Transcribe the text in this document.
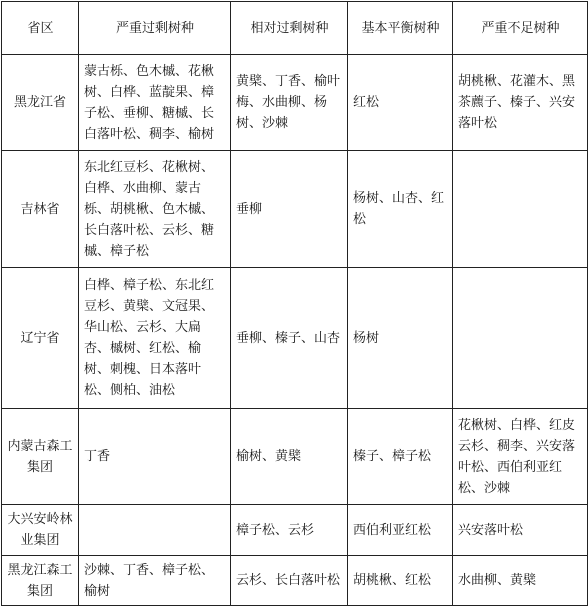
省区	严重过剩树种	相对过剩树种	基本平衡树种	严重不足树种
黑龙江省	蒙古栎、色木槭、花楸树、白桦、蓝靛果、樟子松、垂柳、糖槭、长白落叶松、稠李、榆树	黄檗、丁香、榆叶梅、水曲柳、杨树、沙棘	红松	胡桃楸、花灌木、黑茶藨子、榛子、兴安落叶松
吉林省	东北红豆杉、花楸树、白桦、水曲柳、蒙古栎、胡桃楸、色木槭、长白落叶松、云杉、糖槭、樟子松	垂柳	杨树、山杏、红松	
辽宁省	白桦、樟子松、东北红豆杉、黄檗、文冠果、华山松、云杉、大扁杏、槭树、红松、榆树、刺槐、日本落叶松、侧柏、油松	垂柳、榛子、山杏	杨树	
内蒙古森工集团	丁香	榆树、黄檗	榛子、樟子松	花楸树、白桦、红皮云杉、稠李、兴安落叶松、西伯利亚红松、沙棘
大兴安岭林业集团		樟子松、云杉	西伯利亚红松	兴安落叶松
黑龙江森工集团	沙棘、丁香、樟子松、榆树	云杉、长白落叶松	胡桃楸、红松	水曲柳、黄檗
